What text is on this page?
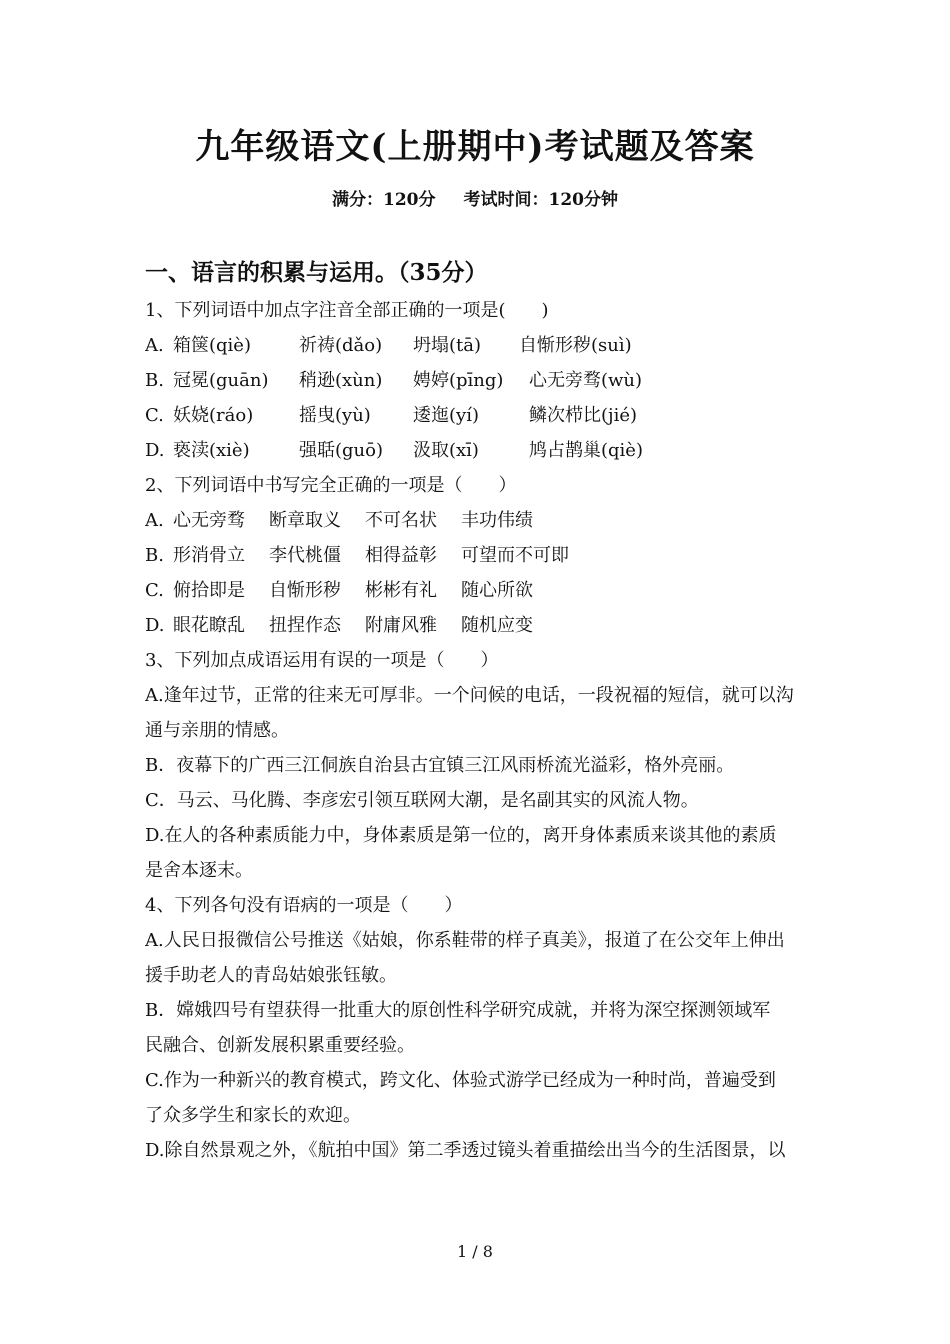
九年级语文(上册期中)考试题及答案
满分：120分 考试时间：120分钟
一、语言的积累与运用。（35分）
1、下列词语中加点字注音全部正确的一项是(　　)
A. 箱箧(qiè)	祈祷(dǎo)	坍塌(tā)	自惭形秽(suì)
B. 冠冕(guān)	稍逊(xùn)	娉婷(pīng)	心无旁骛(wù)
C. 妖娆(ráo)	摇曳(yù)	逶迤(yí)	鳞次栉比(jié)
D. 亵渎(xiè)	强聒(guō)	汲取(xī)	鸠占鹊巢(qiè)
2、下列词语中书写完全正确的一项是（　　）
A. 心无旁骛	断章取义	不可名状	丰功伟绩
B. 形消骨立	李代桃僵	相得益彰	可望而不可即
C. 俯拾即是	自惭形秽	彬彬有礼	随心所欲
D. 眼花瞭乱	扭捏作态	附庸风雅	随机应变
3、下列加点成语运用有误的一项是（　　）
A.逢年过节，正常的往来无可厚非。一个问候的电话，一段祝福的短信，就可以沟
通与亲朋的情感。
B．夜幕下的广西三江侗族自治县古宜镇三江风雨桥流光溢彩，格外亮丽。
C．马云、马化腾、李彦宏引领互联网大潮，是名副其实的风流人物。
D.在人的各种素质能力中，身体素质是第一位的，离开身体素质来谈其他的素质
是舍本逐末。
4、下列各句没有语病的一项是（　　）
A.人民日报微信公号推送《姑娘，你系鞋带的样子真美》，报道了在公交年上伸出
援手助老人的青岛姑娘张钰敏。
B．嫦娥四号有望获得一批重大的原创性科学研究成就，并将为深空探测领域军
民融合、创新发展积累重要经验。
C.作为一种新兴的教育模式，跨文化、体验式游学已经成为一种时尚，普遍受到
了众多学生和家长的欢迎。
D.除自然景观之外，《航拍中国》第二季透过镜头着重描绘出当今的生活图景，以
1 / 8
